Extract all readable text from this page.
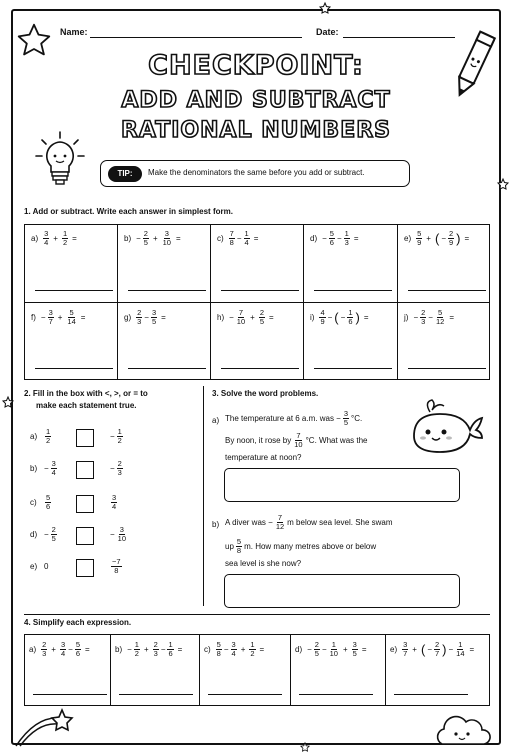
Name:	Date:
CHECKPOINT:
ADD AND SUBTRACT
RATIONAL NUMBERS
TIP:	Make the denominators the same before you add or subtract.
1. Add or subtract. Write each answer in simplest form.
$a) \frac{3}{4} + \frac{1}{2}$ =	$b) - \frac{2}{5} + \frac{3}{10}$ =	$c) \frac{7}{8} - \frac{1}{4}$ =	$d) - \frac{5}{6} - \frac{1}{3}$ =	$e) \frac{5}{9}$ + ( − $\frac{2}{9}$ ) =
$f) - \frac{3}{7} + \frac{5}{14}$ =	$g) \frac{2}{3} - \frac{3}{5}$ =	$h) - \frac{7}{10} + \frac{2}{5}$ =	$i) \frac{4}{9}$ − ( − $\frac{1}{6}$ ) =	$j) - \frac{2}{3} - \frac{5}{12}$ =
2. Fill in the box with <, >, or = to
make each statement true.
$a) \frac{1}{2}$	− $\frac{1}{2}$
$b) - \frac{3}{4}$	− $\frac{2}{3}$
$c) \frac{5}{6}$	$\frac{3}{4}$
$d) - \frac{2}{5}$	− $\frac{3}{10}$
e) 0	$\frac{-7}{8}$
3. Solve the word problems.
a) The temperature at 6 a.m. was − $\frac{3}{5} ^\circ C$.
By noon, it rose by $\frac{7}{10} ^\circ C$. What was the
temperature at noon?
b) A diver was − $\frac{7}{12}$ m below sea level. She swam
up $\frac{5}{8} m$. How many metres above or below
sea level is she now?
4. Simplify each expression.
$a) \frac{2}{3} + \frac{3}{4} - \frac{5}{6}$ =	$b) - \frac{1}{2} + \frac{2}{3} - \frac{1}{6}$ =	$c) \frac{5}{8} - \frac{3}{4} + \frac{1}{2}$ =	$d) - \frac{2}{5} - \frac{1}{10} + \frac{3}{5}$ =	$e) \frac{3}{7}$ + ( − $\frac{2}{7}$ ) − $\frac{1}{14}$ =
